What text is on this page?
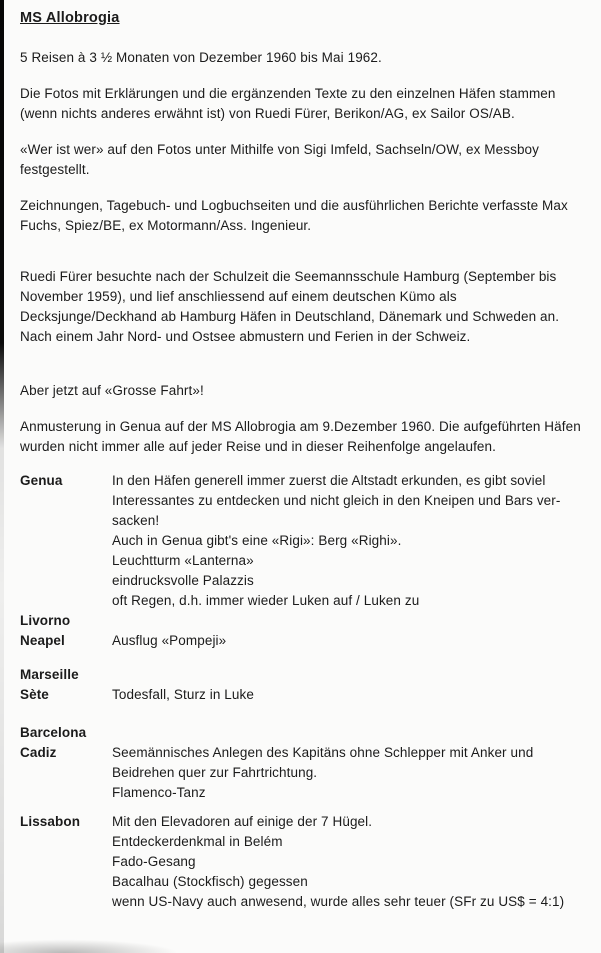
MS Allobrogia
5 Reisen à 3 ½ Monaten von Dezember 1960 bis Mai 1962.
Die Fotos mit Erklärungen und die ergänzenden Texte zu den einzelnen Häfen stammen
(wenn nichts anderes erwähnt ist) von Ruedi Fürer, Berikon/AG, ex Sailor OS/AB.
«Wer ist wer» auf den Fotos unter Mithilfe von Sigi Imfeld, Sachseln/OW, ex Messboy
festgestellt.
Zeichnungen, Tagebuch- und Logbuchseiten und die ausführlichen Berichte verfasste Max
Fuchs, Spiez/BE, ex Motormann/Ass. Ingenieur.
Ruedi Fürer besuchte nach der Schulzeit die Seemannsschule Hamburg (September bis
November 1959), und lief anschliessend auf einem deutschen Kümo als
Decksjunge/Deckhand ab Hamburg Häfen in Deutschland, Dänemark und Schweden an.
Nach einem Jahr Nord- und Ostsee abmustern und Ferien in der Schweiz.
Aber jetzt auf «Grosse Fahrt»!
Anmusterung in Genua auf der MS Allobrogia am 9.Dezember 1960. Die aufgeführten Häfen
wurden nicht immer alle auf jeder Reise und in dieser Reihenfolge angelaufen.
Genua	In den Häfen generell immer zuerst die Altstadt erkunden, es gibt soviel
Interessantes zu entdecken und nicht gleich in den Kneipen und Bars ver-
sacken!
Auch in Genua gibt's eine «Rigi»: Berg «Righi».
Leuchtturm «Lanterna»
eindrucksvolle Palazzis
oft Regen, d.h. immer wieder Luken auf / Luken zu
Livorno
Neapel	Ausflug «Pompeji»
Marseille
Sète	Todesfall, Sturz in Luke
Barcelona
Cadiz	Seemännisches Anlegen des Kapitäns ohne Schlepper mit Anker und
Beidrehen quer zur Fahrtrichtung.
Flamenco-Tanz
Lissabon	Mit den Elevadoren auf einige der 7 Hügel.
Entdeckerdenkmal in Belém
Fado-Gesang
Bacalhau (Stockfisch) gegessen
wenn US-Navy auch anwesend, wurde alles sehr teuer (SFr zu US$ = 4:1)
